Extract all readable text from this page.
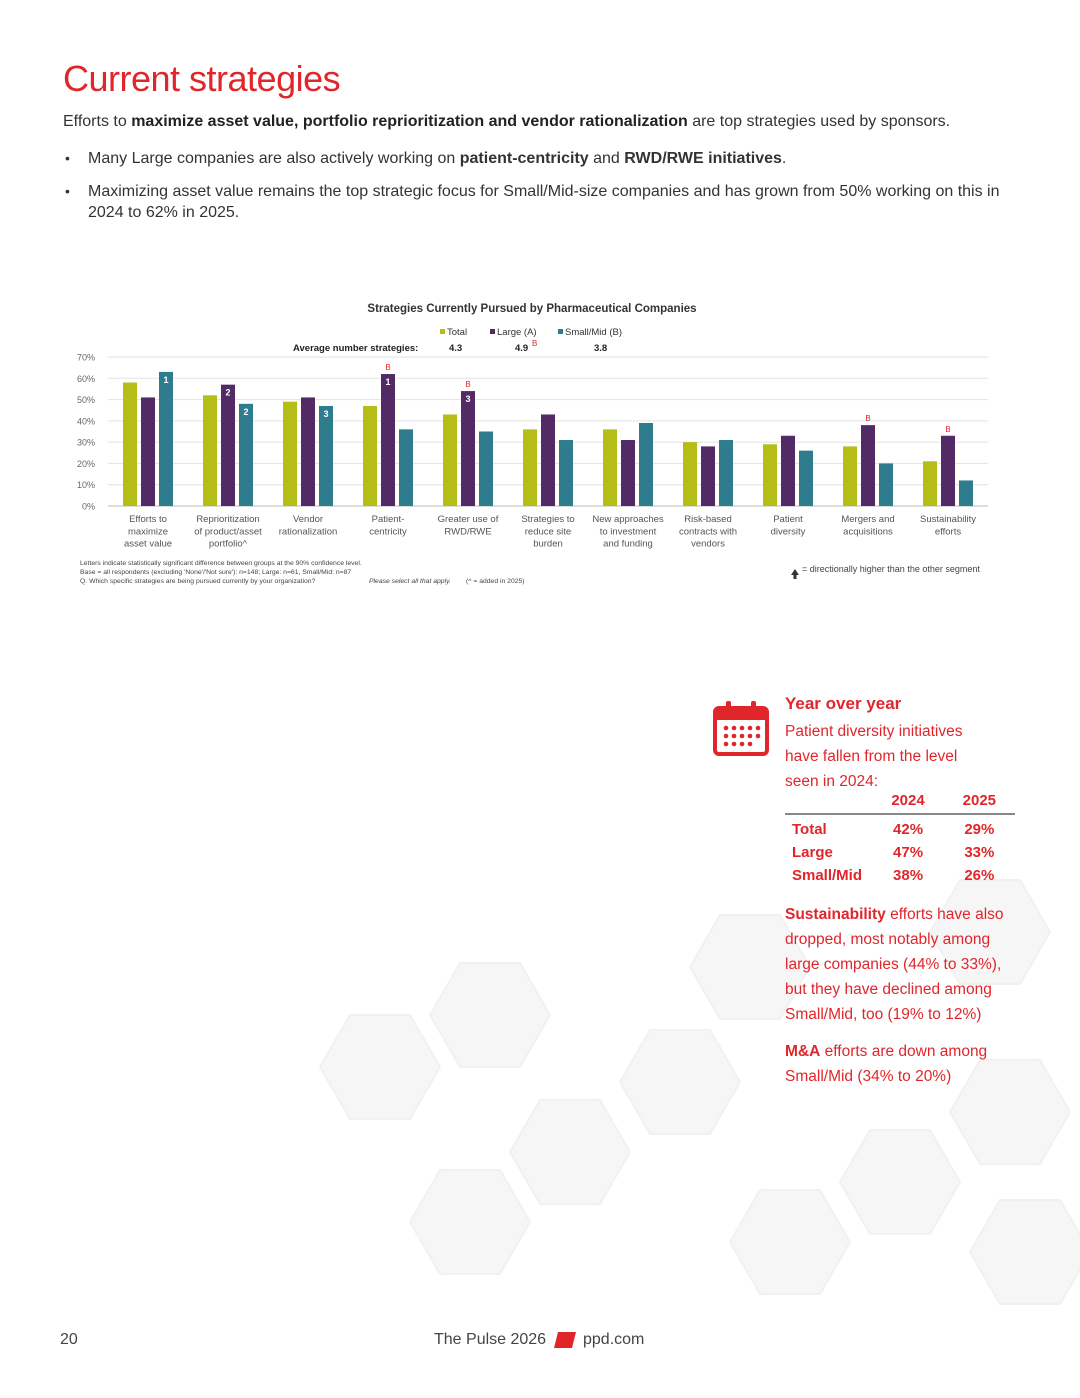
Current strategies

Efforts to maximize asset value, portfolio reprioritization and vendor rationalization are top strategies used by sponsors.

• Many Large companies are also actively working on patient-centricity and RWD/RWE initiatives.
• Maximizing asset value remains the top strategic focus for Small/Mid-size companies and has grown from 50% working on this in 2024 to 62% in 2025.
Strategies Currently Pursued by Pharmaceutical Companies
Total	Large (A)	Small/Mid (B)
Average number strategies:	4.3	4.9	3.8
B
0%
10%
20%
30%
40%
50%
60%
70%
1
2
2	3
1
3
B
B
B
B
Efforts to
maximize
asset value
Reprioritization
of product/asset
portfolio^
Vendor
rationalization
Patient-
centricity
Greater use of
RWD/RWE
Strategies to
reduce site
burden
New approaches
to investment
and funding
Risk-based
contracts with
vendors
Patient
diversity
Mergers and
acquisitions
Sustainability
efforts
Letters indicate statistically significant difference between groups at the 90% confidence level.
Base = all respondents (excluding 'None'/'Not sure'): n=148; Large: n=61, Small/Mid: n=87
Q. Which specific strategies are being pursued currently by your organization?	Please select all that apply. (^ = added in 2025)
= directionally higher than the other segment
Year over year
Patient diversity initiatives have fallen from the level seen in 2024:
	2024	2025
Total	42%	29%
Large	47%	33%
Small/Mid	38%	26%
Sustainability efforts have also dropped, most notably among large companies (44% to 33%), but they have declined among Small/Mid, too (19% to 12%)
M&A efforts are down among Small/Mid (34% to 20%)
20	The Pulse 2026 ppd.com
